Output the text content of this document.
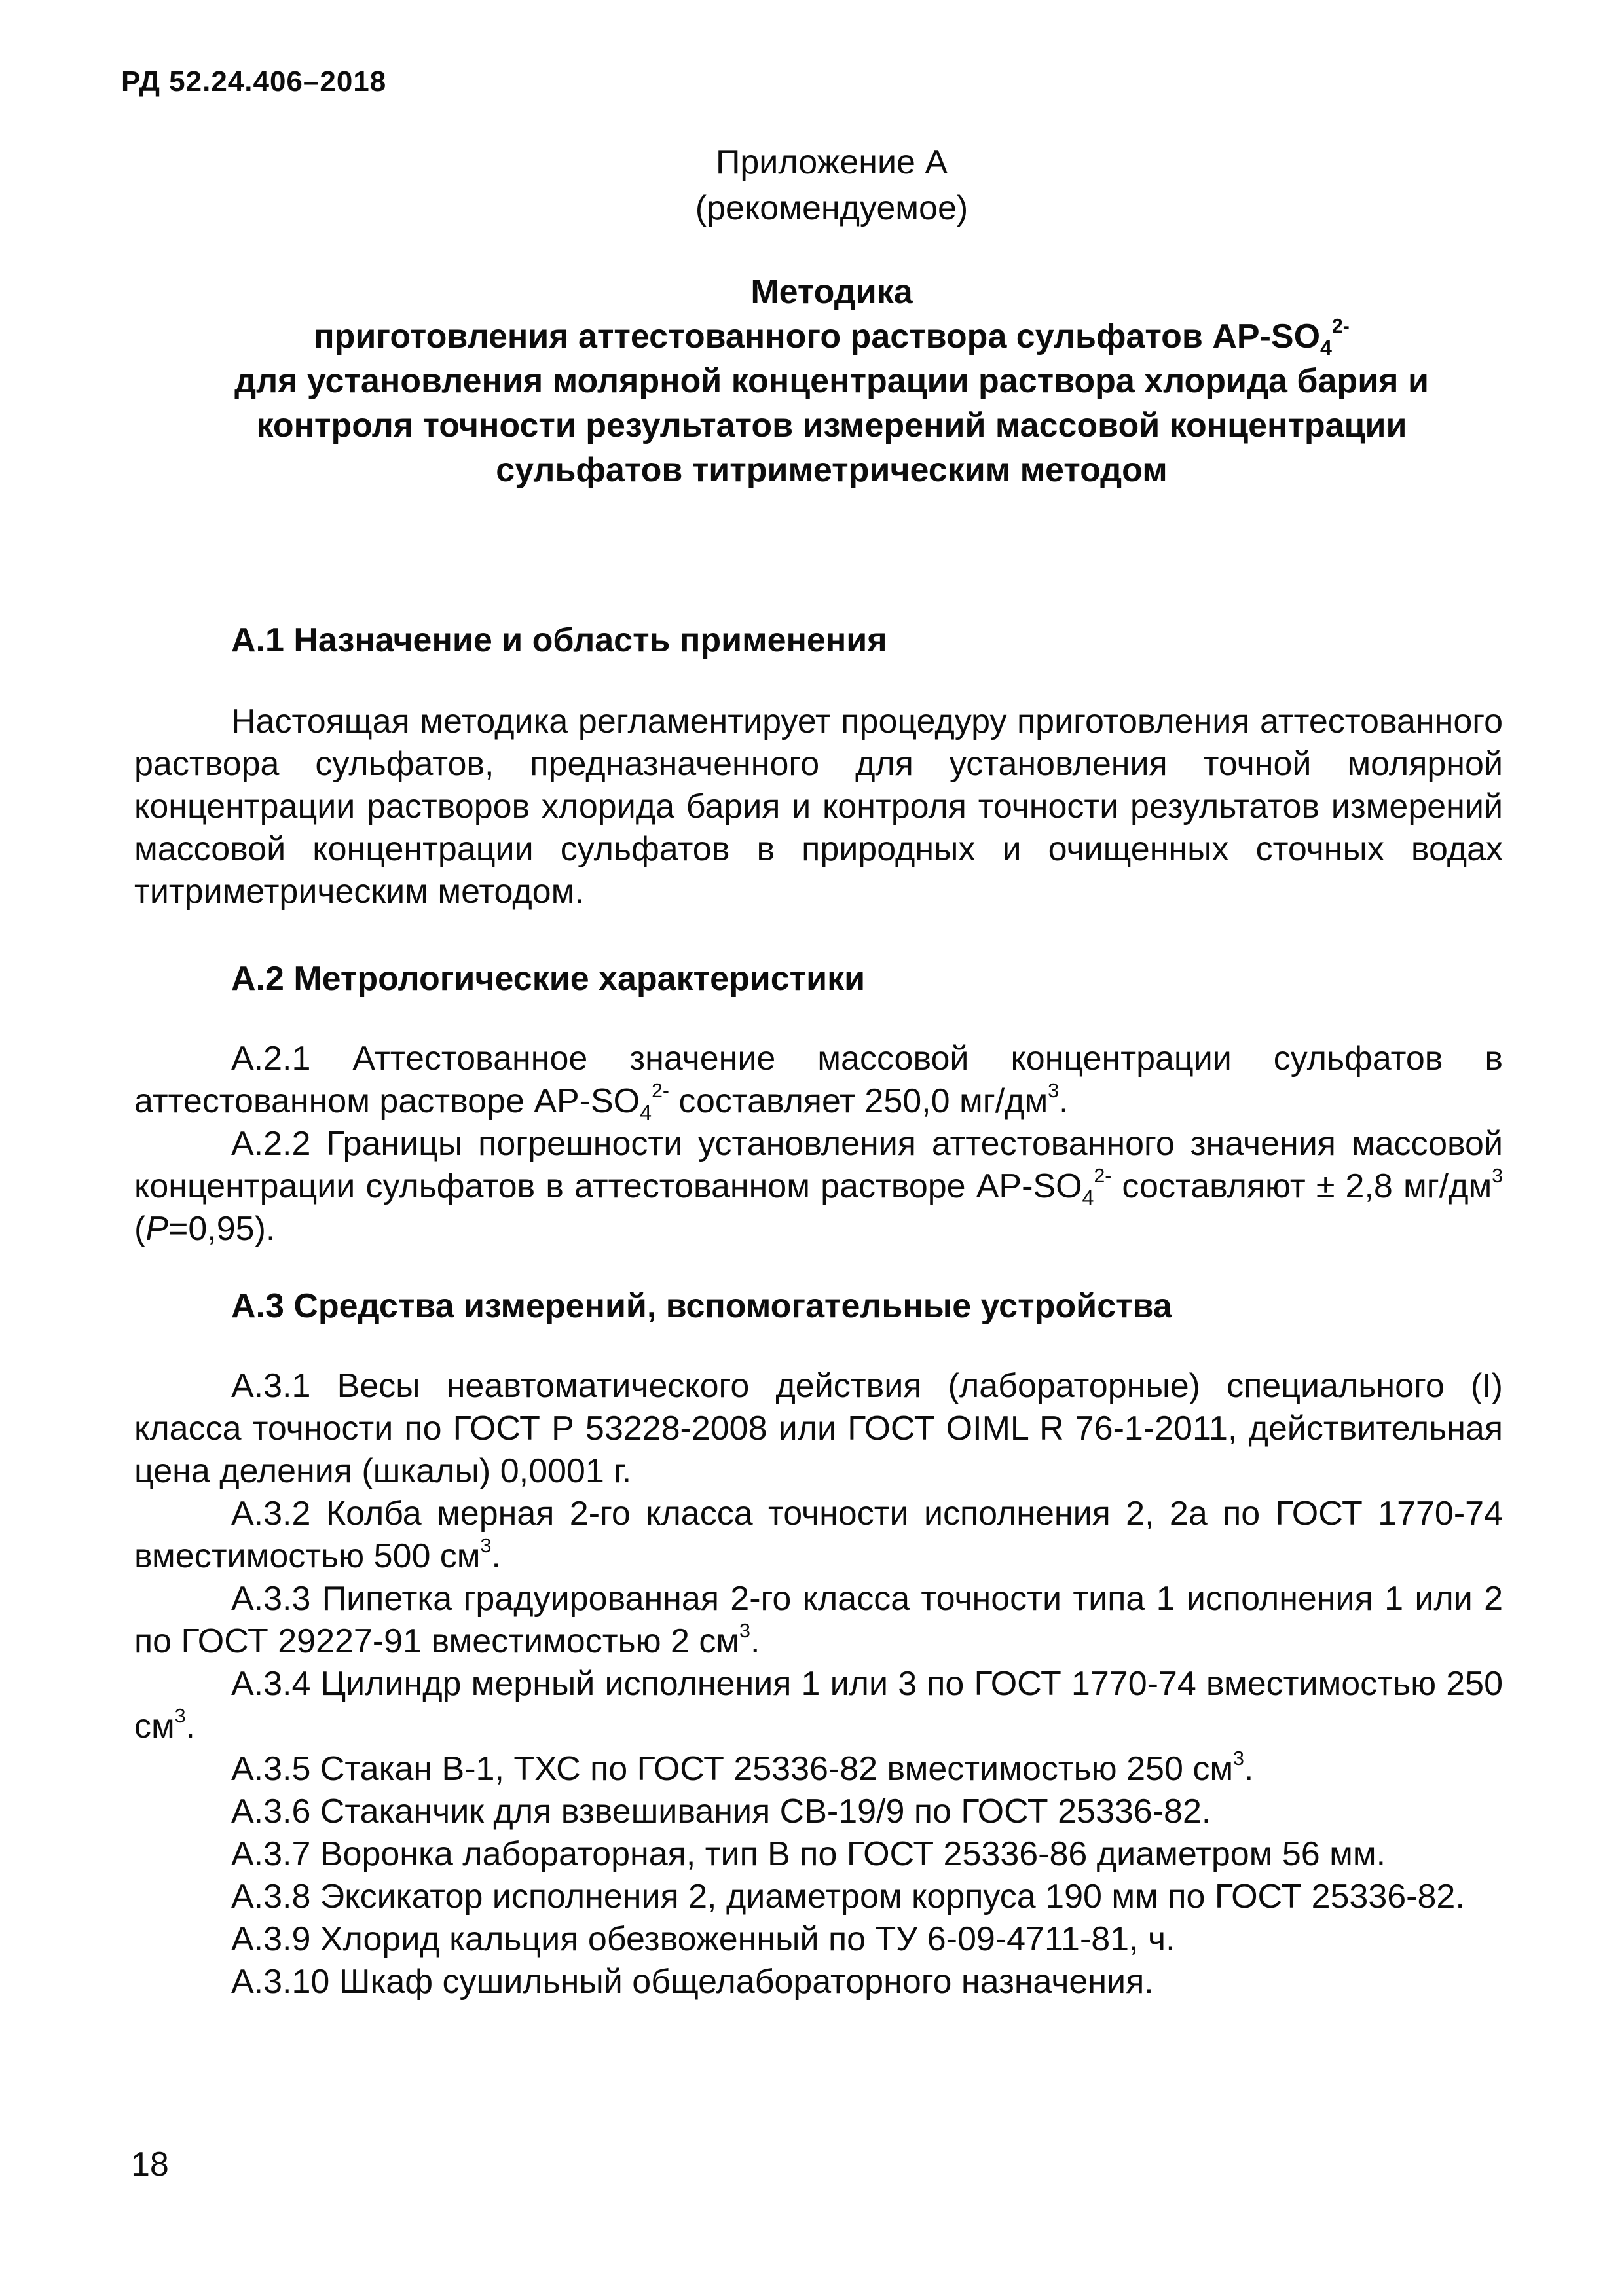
РД 52.24.406–2018
Приложение А
(рекомендуемое)
Методика
приготовления аттестованного раствора сульфатов $АР-SO_4^{2-}$
для установления молярной концентрации раствора хлорида бария и
контроля точности результатов измерений массовой концентрации
сульфатов титриметрическим методом
А.1 Назначение и область применения

Настоящая методика регламентирует процедуру приготовления аттестованного раствора сульфатов, предназначенного для установления точной молярной концентрации растворов хлорида бария и контроля точности результатов измерений массовой концентрации сульфатов в природных и очищенных сточных водах титриметрическим методом.

А.2 Метрологические характеристики

А.2.1 Аттестованное значение массовой концентрации сульфатов в аттестованном растворе $АР-SO_4^{2-}$ составляет 250,0 $мг/дм^3$.

А.2.2 Границы погрешности установления аттестованного значения массовой концентрации сульфатов в аттестованном растворе $АР-SO_4^{2-}$ составляют ± 2,8 $мг/дм^3$ (P=0,95).

А.3 Средства измерений, вспомогательные устройства

А.3.1 Весы неавтоматического действия (лабораторные) специального (I) класса точности по ГОСТ Р 53228-2008 или ГОСТ OIML R 76-1-2011, действительная цена деления (шкалы) 0,0001 г.

А.3.2 Колба мерная 2-го класса точности исполнения 2, 2а по ГОСТ 1770-74 вместимостью 500 $см^3$.

А.3.3 Пипетка градуированная 2-го класса точности типа 1 исполнения 1 или 2 по ГОСТ 29227-91 вместимостью 2 $см^3$.

А.3.4 Цилиндр мерный исполнения 1 или 3 по ГОСТ 1770-74 вместимостью 250 $см^3$.

А.3.5 Стакан В-1, ТХС по ГОСТ 25336-82 вместимостью 250 $см^3$.

А.3.6 Стаканчик для взвешивания СВ-19/9 по ГОСТ 25336-82.

А.3.7 Воронка лабораторная, тип В по ГОСТ 25336-86 диаметром 56 мм.

А.3.8 Эксикатор исполнения 2, диаметром корпуса 190 мм по ГОСТ 25336-82.

А.3.9 Хлорид кальция обезвоженный по ТУ 6-09-4711-81, ч.

А.3.10 Шкаф сушильный общелабораторного назначения.

18
